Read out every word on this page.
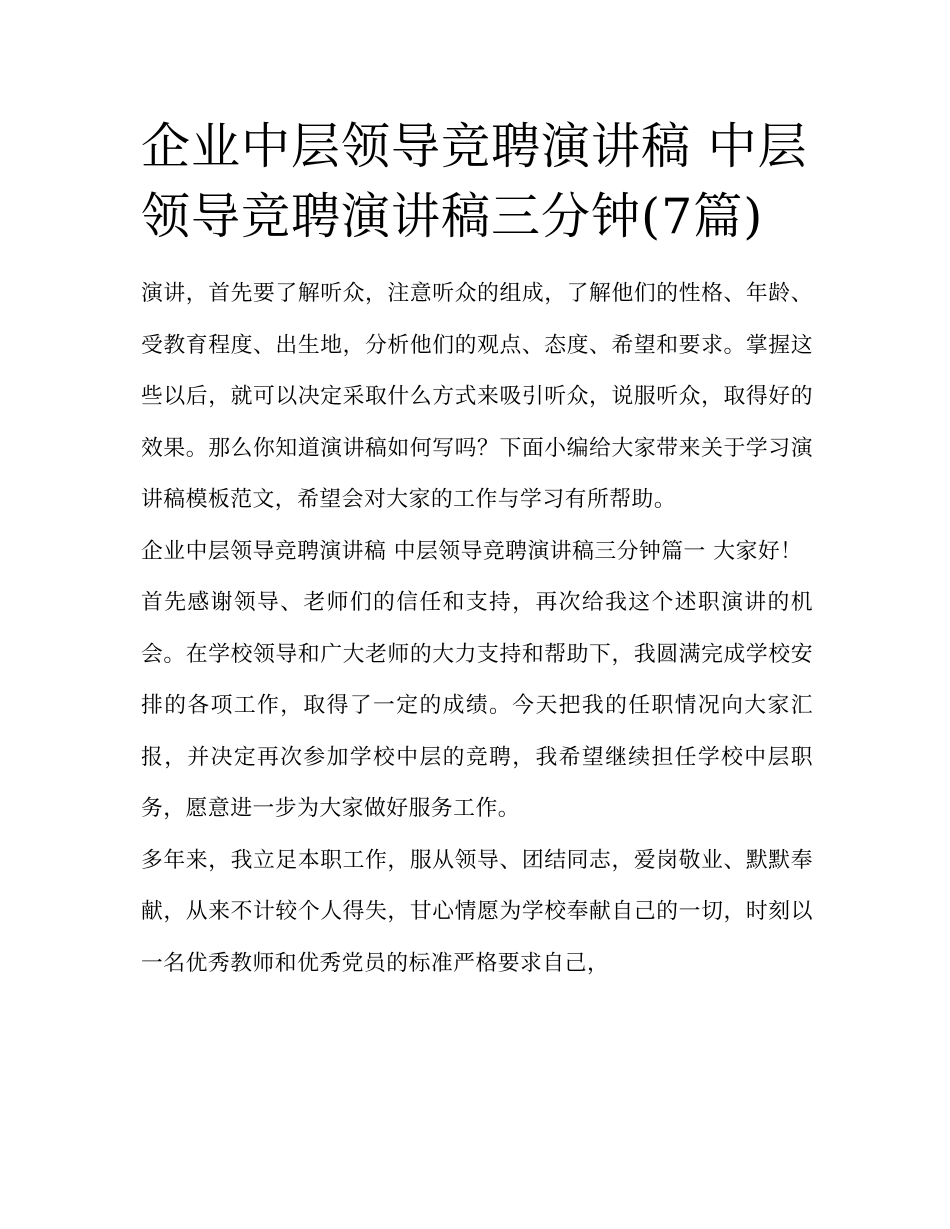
企业中层领导竞聘演讲稿 中层领导竞聘演讲稿三分钟(7篇)

演讲，首先要了解听众，注意听众的组成，了解他们的性格、年龄、受教育程度、出生地，分析他们的观点、态度、希望和要求。掌握这些以后，就可以决定采取什么方式来吸引听众，说服听众，取得好的效果。那么你知道演讲稿如何写吗？下面小编给大家带来关于学习演讲稿模板范文，希望会对大家的工作与学习有所帮助。

企业中层领导竞聘演讲稿 中层领导竞聘演讲稿三分钟篇一 大家好！

首先感谢领导、老师们的信任和支持，再次给我这个述职演讲的机会。在学校领导和广大老师的大力支持和帮助下，我圆满完成学校安排的各项工作，取得了一定的成绩。今天把我的任职情况向大家汇报，并决定再次参加学校中层的竞聘，我希望继续担任学校中层职务，愿意进一步为大家做好服务工作。

多年来，我立足本职工作，服从领导、团结同志，爱岗敬业、默默奉献，从来不计较个人得失，甘心情愿为学校奉献自己的一切，时刻以一名优秀教师和优秀党员的标准严格要求自己，
